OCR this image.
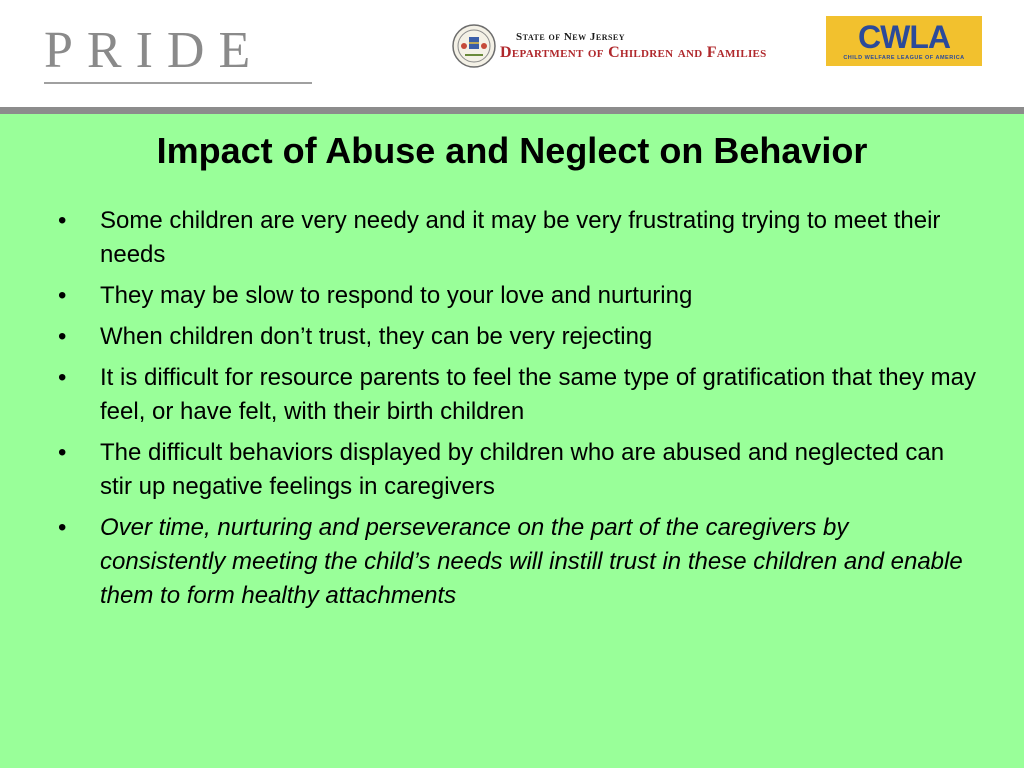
PRIDE	State of New Jersey
Department of Children and Families	CWLA
CHILD WELFARE LEAGUE OF AMERICA
Impact of Abuse and Neglect on Behavior
• Some children are very needy and it may be very frustrating trying to meet their needs
• They may be slow to respond to your love and nurturing
• When children don’t trust, they can be very rejecting
• It is difficult for resource parents to feel the same type of gratification that they may feel, or have felt, with their birth children
• The difficult behaviors displayed by children who are abused and neglected can stir up negative feelings in caregivers
• Over time, nurturing and perseverance on the part of the caregivers by consistently meeting the child’s needs will instill trust in these children and enable them to form healthy attachments
